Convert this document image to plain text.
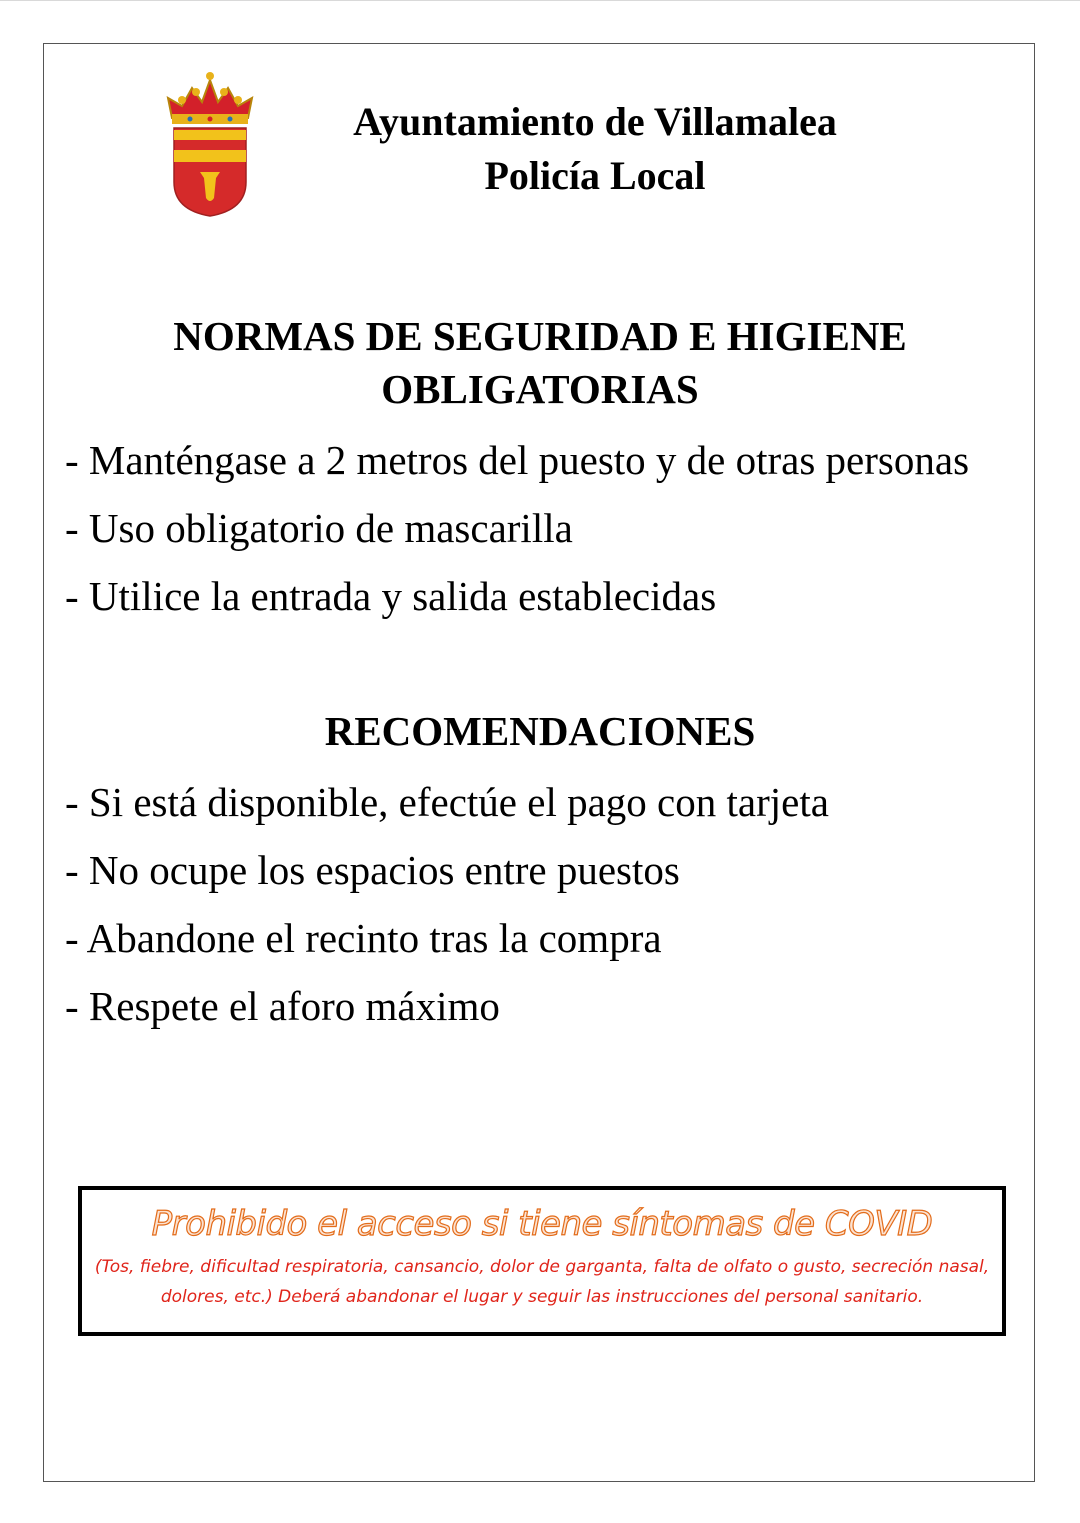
Ayuntamiento de Villamalea
Policía Local
NORMAS DE SEGURIDAD E HIGIENE
OBLIGATORIAS
- Manténgase a 2 metros del puesto y de otras personas
- Uso obligatorio de mascarilla
- Utilice la entrada y salida establecidas
RECOMENDACIONES
- Si está disponible, efectúe el pago con tarjeta
- No ocupe los espacios entre puestos
- Abandone el recinto tras la compra
- Respete el aforo máximo
Prohibido el acceso si tiene síntomas de COVID
(Tos, fiebre, dificultad respiratoria, cansancio, dolor de garganta, falta de olfato o gusto, secreción nasal, dolores, etc.) Deberá abandonar el lugar y seguir las instrucciones del personal sanitario.
